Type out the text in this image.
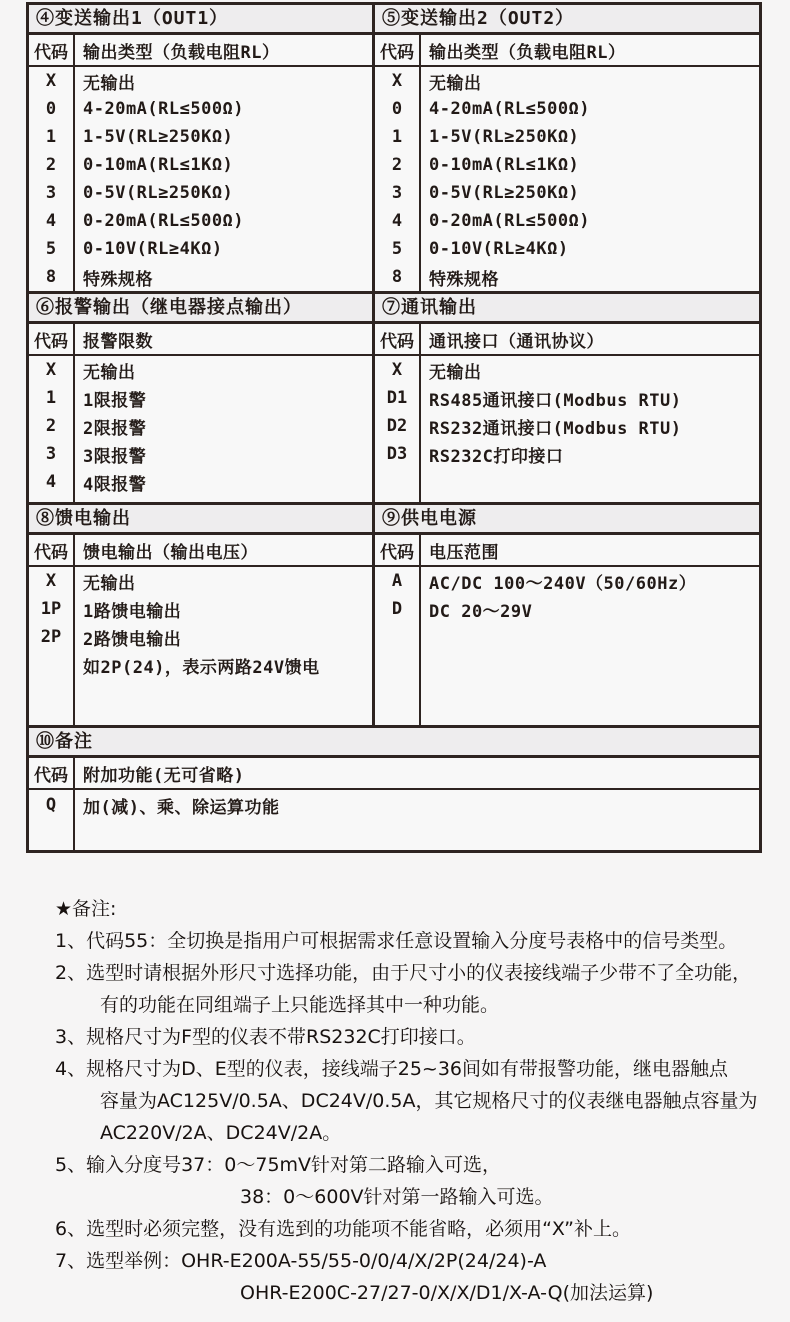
④变送输出1（OUT1）
代码 输出类型（负载电阻RL）
X	无输出
0	4-20mA(RL≤500Ω)
1	1-5V(RL≥250KΩ)
2	0-10mA(RL≤1KΩ)
3	0-5V(RL≥250KΩ)
4	0-20mA(RL≤500Ω)
5	0-10V(RL≥4KΩ)
8	特殊规格
⑤变送输出2（OUT2）
代码 输出类型（负载电阻RL）
X	无输出
0	4-20mA(RL≤500Ω)
1	1-5V(RL≥250KΩ)
2	0-10mA(RL≤1KΩ)
3	0-5V(RL≥250KΩ)
4	0-20mA(RL≤500Ω)
5	0-10V(RL≥4KΩ)
8	特殊规格
⑥报警输出（继电器接点输出）
代码 报警限数
X	无输出
1	1限报警
2	2限报警
3	3限报警
4	4限报警
⑦通讯输出
代码 通讯接口（通讯协议）
X	无输出
D1	RS485通讯接口(Modbus RTU)
D2	RS232通讯接口(Modbus RTU)
D3	RS232C打印接口
⑧馈电输出
代码 馈电输出（输出电压）
X	无输出
1P	1路馈电输出
2P	2路馈电输出
如2P(24)，表示两路24V馈电
⑨供电电源
代码 电压范围
A	AC/DC 100～240V（50/60Hz）
D	DC 20～29V
⑩备注
代码 附加功能(无可省略)
Q	加(减)、乘、除运算功能
★备注:
1、代码55：全切换是指用户可根据需求任意设置输入分度号表格中的信号类型。
2、选型时请根据外形尺寸选择功能，由于尺寸小的仪表接线端子少带不了全功能，
有的功能在同组端子上只能选择其中一种功能。
3、规格尺寸为F型的仪表不带RS232C打印接口。
4、规格尺寸为D、E型的仪表，接线端子25~36间如有带报警功能，继电器触点
容量为AC125V/0.5A、DC24V/0.5A，其它规格尺寸的仪表继电器触点容量为
AC220V/2A、DC24V/2A。
5、输入分度号37：0～75mV针对第二路输入可选，
38：0～600V针对第一路输入可选。
6、选型时必须完整，没有选到的功能项不能省略，必须用“X”补上。
7、选型举例：OHR-E200A-55/55-0/0/4/X/2P(24/24)-A
OHR-E200C-27/27-0/X/X/D1/X-A-Q(加法运算)
